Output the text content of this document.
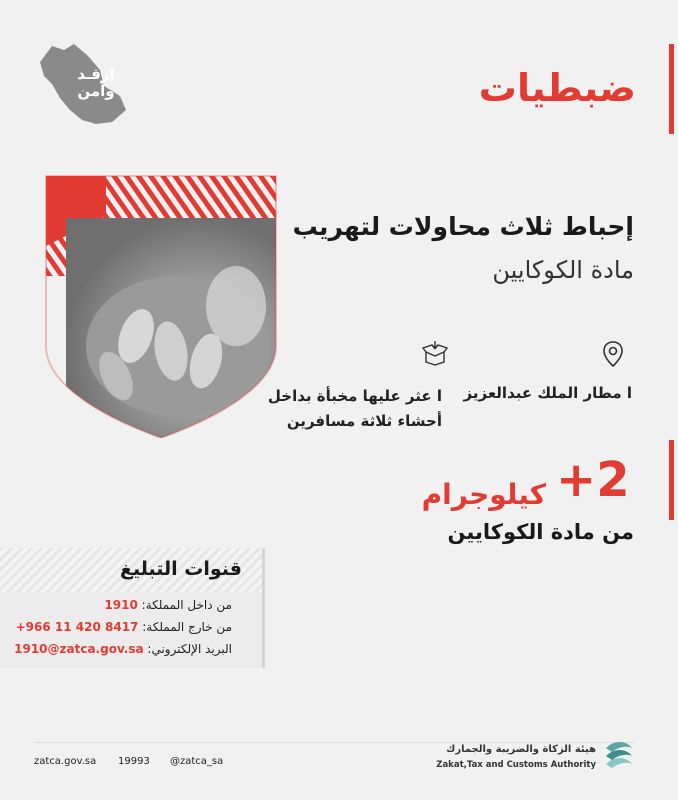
ارقـد
وآمن	ضبطيات
إحباط ثلاث محاولات لتهريب
مادة الكوكايين
ا مطار الملك عبدالعزيز
ا عثر عليها مخبأة بداخل
أحشاء ثلاثة مسافرين
+2
كيلوجرام
من مادة الكوكايين
قنوات التبليغ
من داخل المملكة: 1910
من خارج المملكة: +966 11 420 8417
البريد الإلكتروني: 1910@zatca.gov.sa
zatca.gov.sa 19993 @zatca_sa
هيئة الزكاة والضريبة والجمارك
Zakat,Tax and Customs Authority
